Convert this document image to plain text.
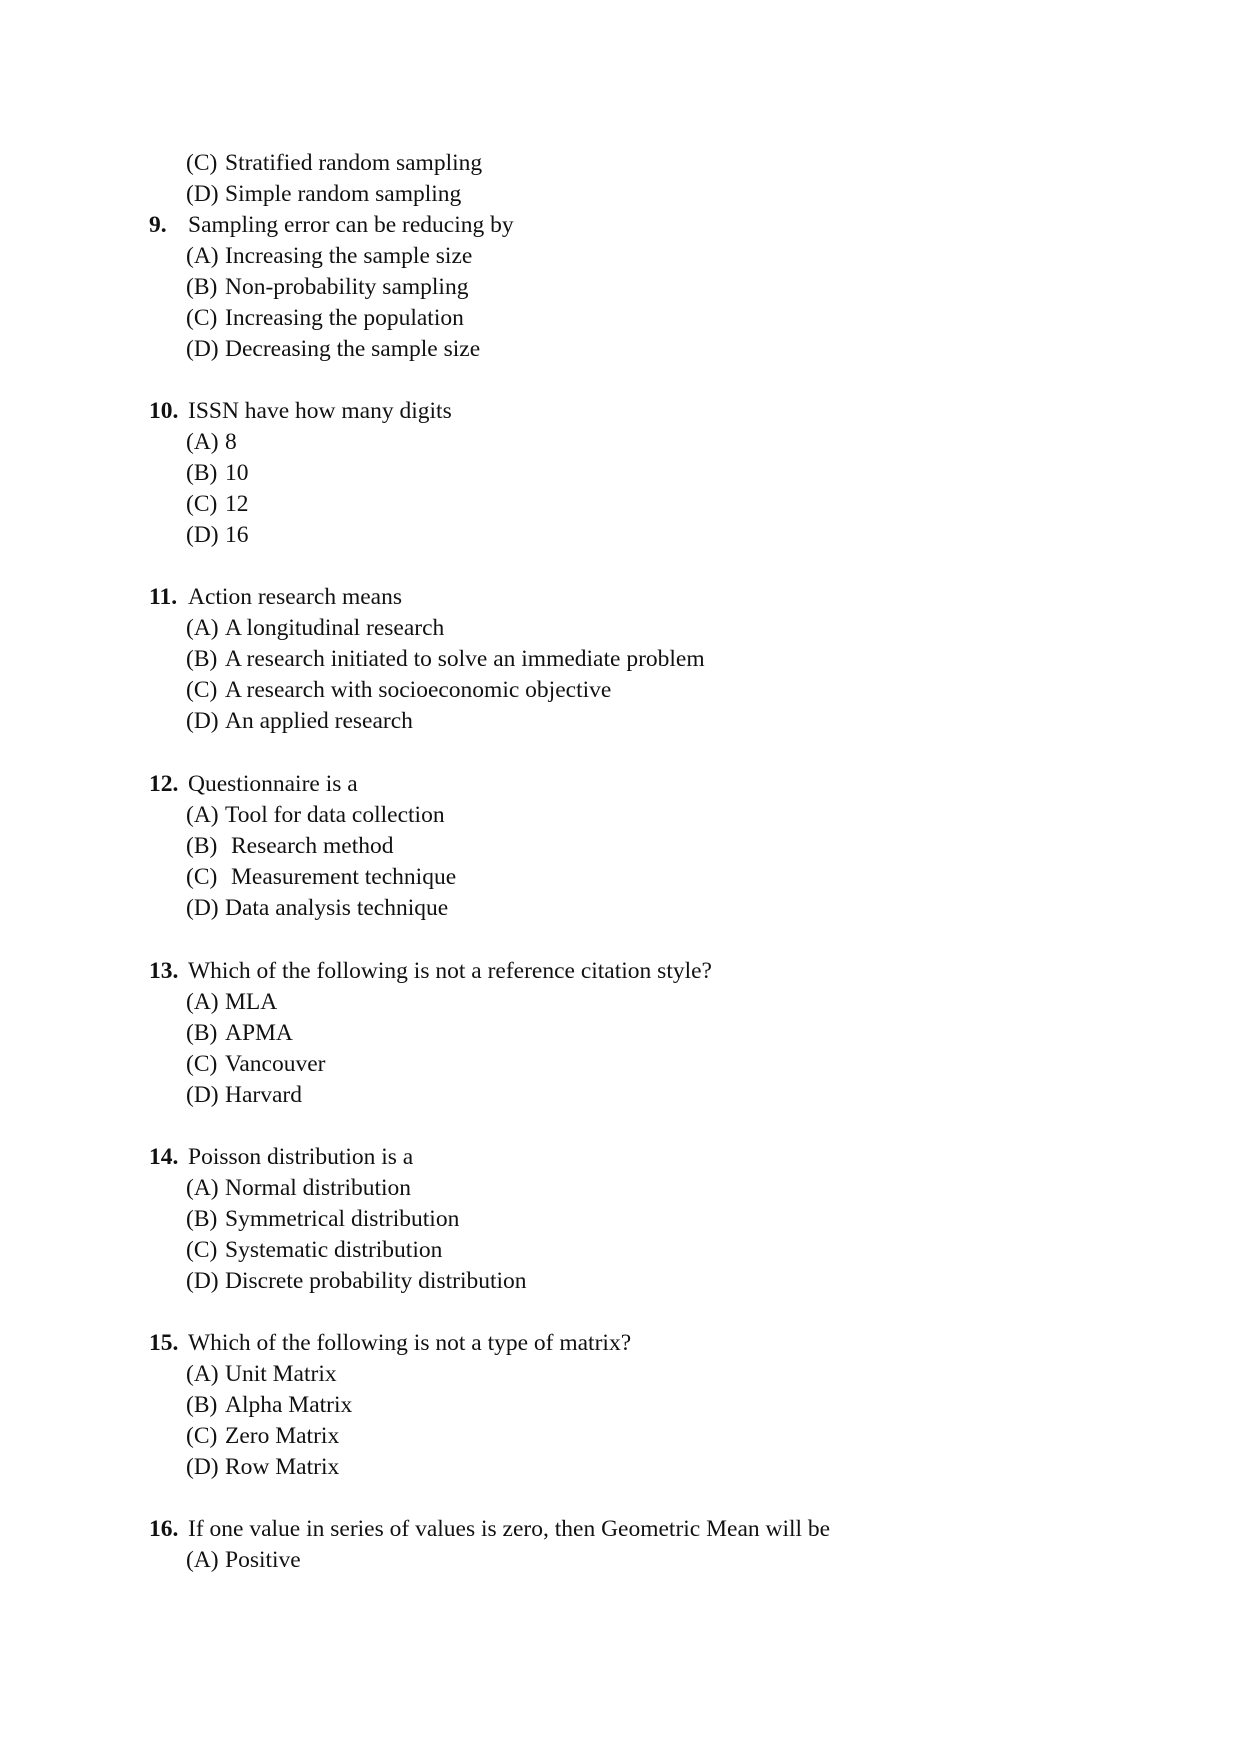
(C) Stratified random sampling
(D) Simple random sampling
9. Sampling error can be reducing by
(A) Increasing the sample size
(B) Non-probability sampling
(C) Increasing the population
(D) Decreasing the sample size
10. ISSN have how many digits
(A) 8
(B) 10
(C) 12
(D) 16
11. Action research means
(A) A longitudinal research
(B) A research initiated to solve an immediate problem
(C) A research with socioeconomic objective
(D) An applied research
12. Questionnaire is a
(A) Tool for data collection
(B) Research method
(C) Measurement technique
(D) Data analysis technique
13. Which of the following is not a reference citation style?
(A) MLA
(B) APMA
(C) Vancouver
(D) Harvard
14. Poisson distribution is a
(A) Normal distribution
(B) Symmetrical distribution
(C) Systematic distribution
(D) Discrete probability distribution
15. Which of the following is not a type of matrix?
(A) Unit Matrix
(B) Alpha Matrix
(C) Zero Matrix
(D) Row Matrix
16. If one value in series of values is zero, then Geometric Mean will be
(A) Positive
